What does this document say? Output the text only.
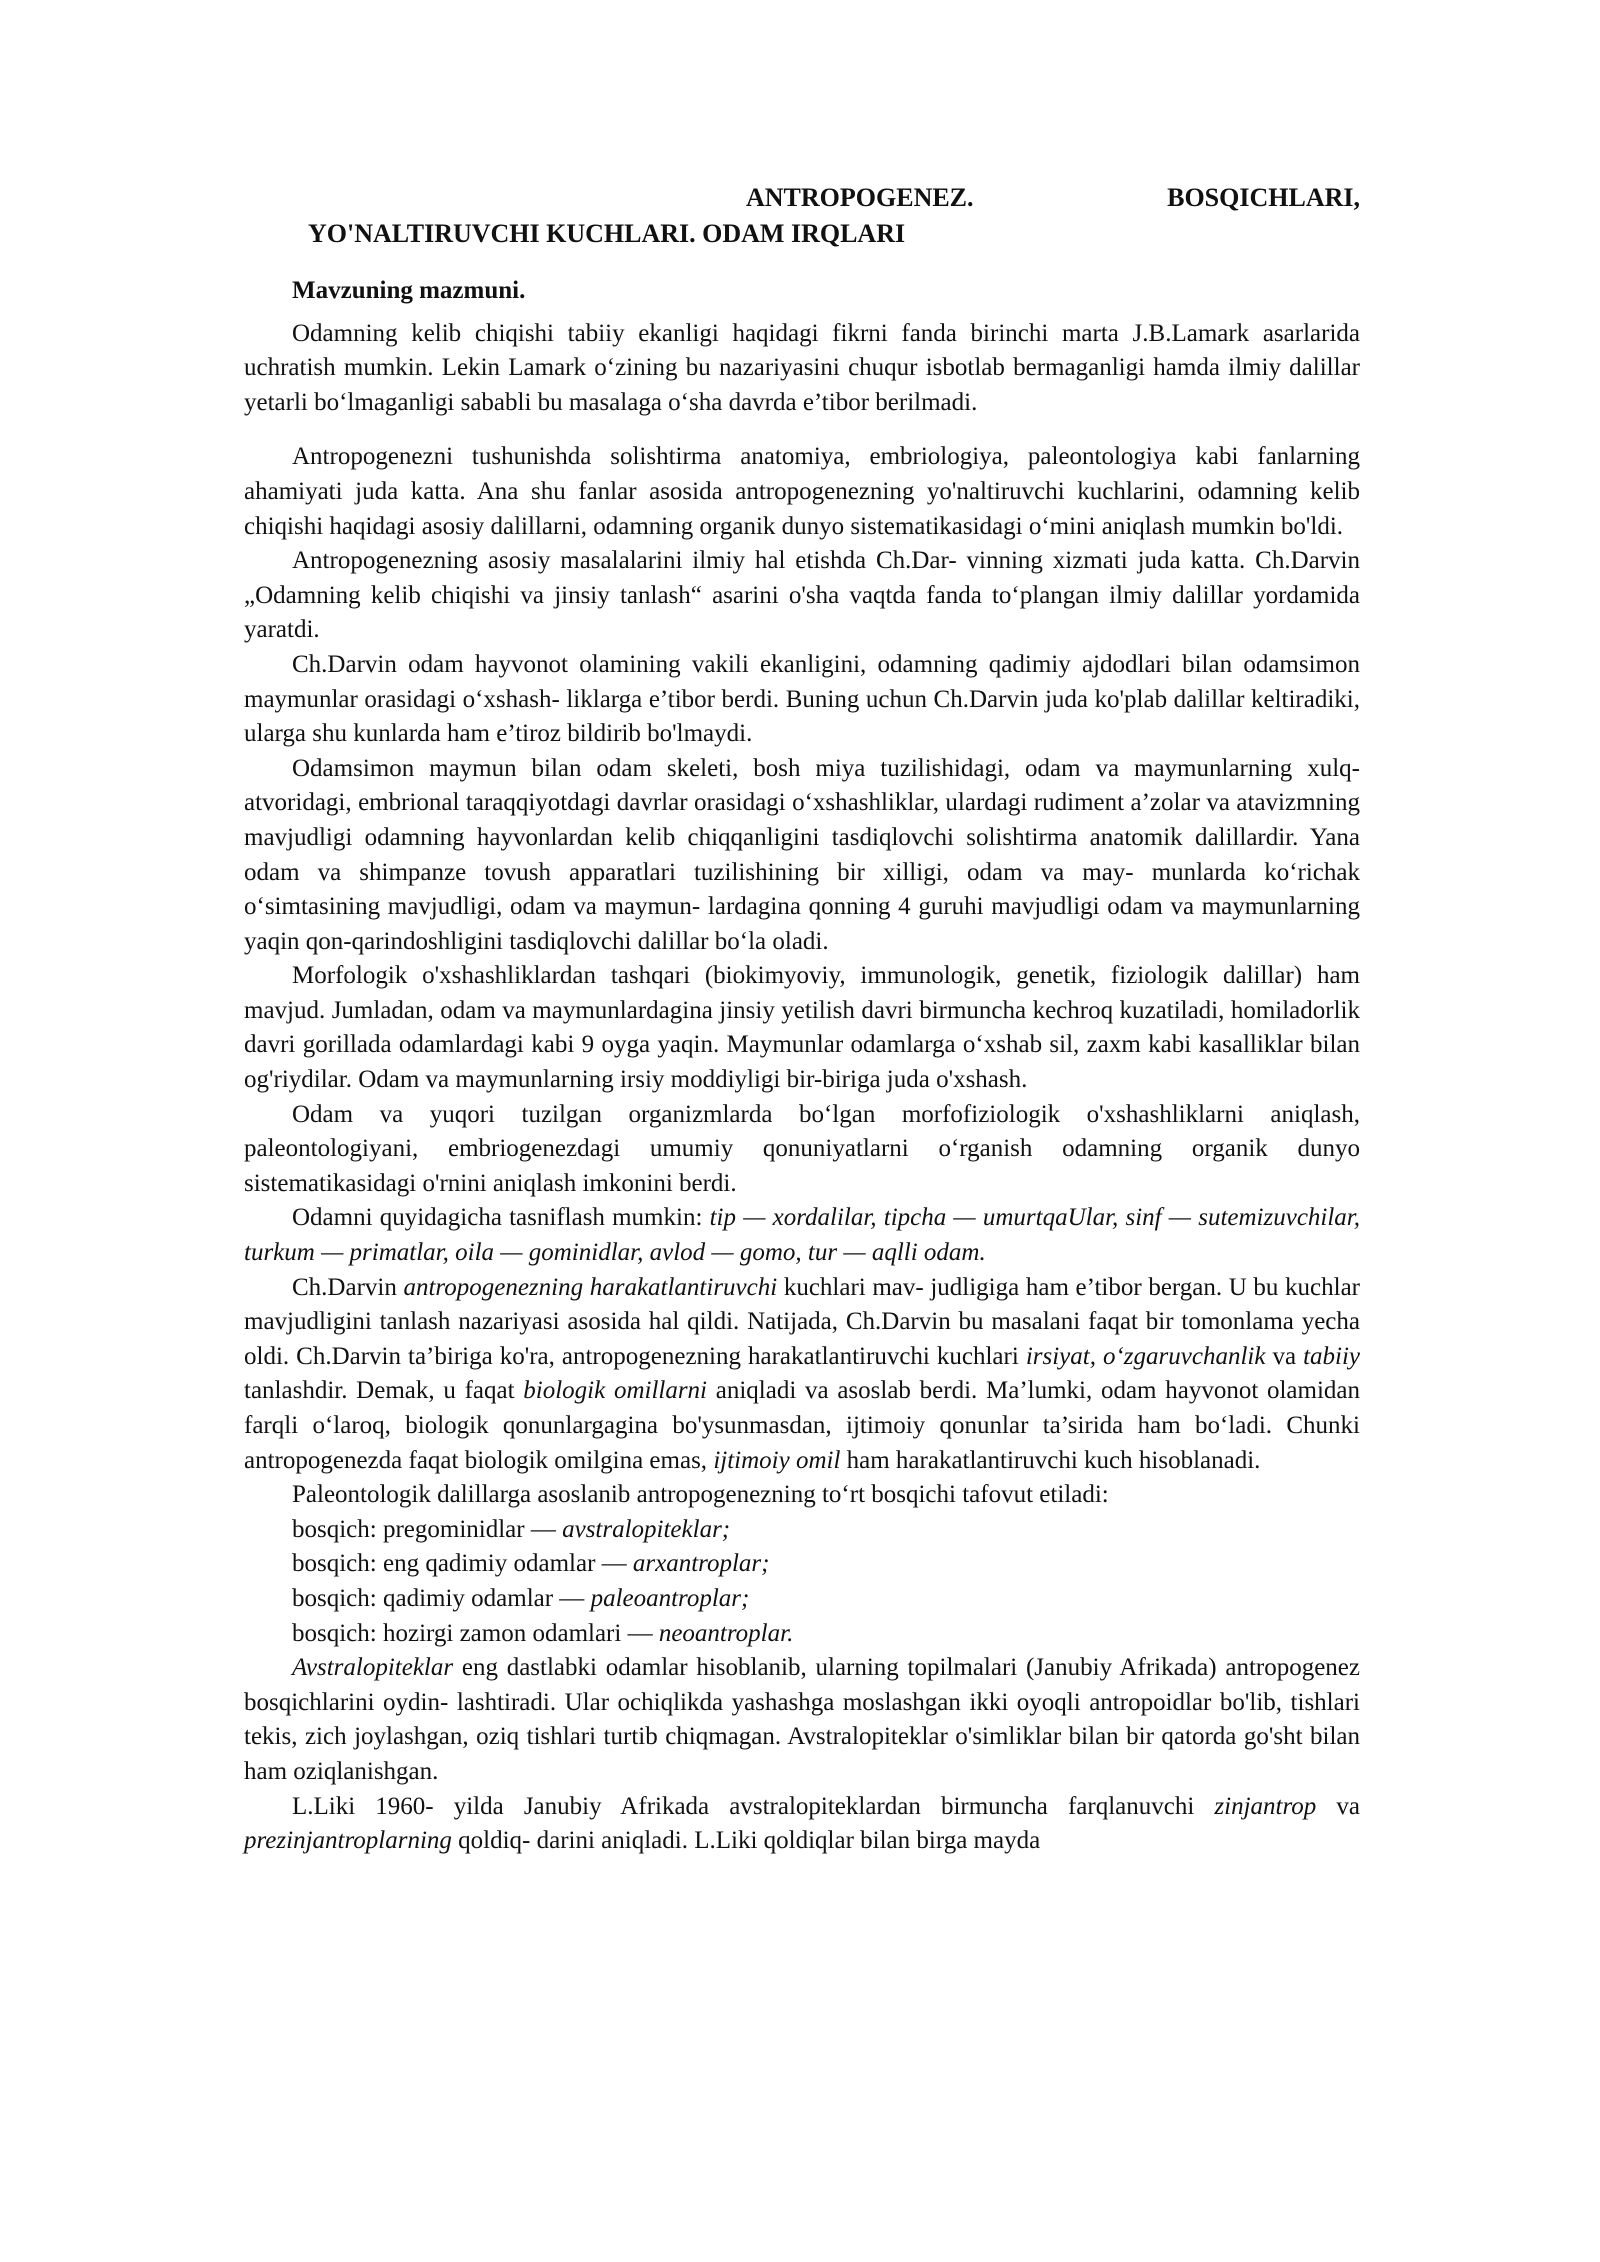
ANTROPOGENEZ.	BOSQICHLARI,
YO'NALTIRUVCHI KUCHLARI. ODAM IRQLARI
Mavzuning mazmuni.

Odamning kelib chiqishi tabiiy ekanligi haqidagi fikrni fanda birinchi marta J.B.Lamark asarlarida uchratish mumkin. Lekin Lamark o‘zining bu nazariyasini chuqur isbotlab bermaganligi hamda ilmiy dalillar yetarli bo‘lmaganligi sababli bu masalaga o‘sha davrda e’tibor berilmadi.

Antropogenezni tushunishda solishtirma anatomiya, embriologiya, paleontologiya kabi fanlarning ahamiyati juda katta. Ana shu fanlar asosida antropogenezning yo'naltiruvchi kuchlarini, odamning kelib chiqishi haqidagi asosiy dalillarni, odamning organik dunyo sistematikasidagi o‘mini aniqlash mumkin bo'ldi.

Antropogenezning asosiy masalalarini ilmiy hal etishda Ch.Dar- vinning xizmati juda katta. Ch.Darvin „Odamning kelib chiqishi va jinsiy tanlash“ asarini o'sha vaqtda fanda to‘plangan ilmiy dalillar yordamida yaratdi.

Ch.Darvin odam hayvonot olamining vakili ekanligini, odamning qadimiy ajdodlari bilan odamsimon maymunlar orasidagi o‘xshash- liklarga e’tibor berdi. Buning uchun Ch.Darvin juda ko'plab dalillar keltiradiki, ularga shu kunlarda ham e’tiroz bildirib bo'lmaydi.

Odamsimon maymun bilan odam skeleti, bosh miya tuzilishidagi, odam va maymunlarning xulq-atvoridagi, embrional taraqqiyotdagi davrlar orasidagi o‘xshashliklar, ulardagi rudiment a’zolar va atavizmning mavjudligi odamning hayvonlardan kelib chiqqanligini tasdiqlovchi solishtirma anatomik dalillardir. Yana odam va shimpanze tovush apparatlari tuzilishining bir xilligi, odam va may- munlarda ko‘richak o‘simtasining mavjudligi, odam va maymun- lardagina qonning 4 guruhi mavjudligi odam va maymunlarning yaqin qon-qarindoshligini tasdiqlovchi dalillar bo‘la oladi.

Morfologik o'xshashliklardan tashqari (biokimyoviy, immunologik, genetik, fiziologik dalillar) ham mavjud. Jumladan, odam va maymunlardagina jinsiy yetilish davri birmuncha kechroq kuzatiladi, homiladorlik davri gorillada odamlardagi kabi 9 oyga yaqin. Maymunlar odamlarga o‘xshab sil, zaxm kabi kasalliklar bilan og'riydilar. Odam va maymunlarning irsiy moddiyligi bir-biriga juda o'xshash.

Odam va yuqori tuzilgan organizmlarda bo‘lgan morfofiziologik o'xshashliklarni aniqlash, paleontologiyani, embriogenezdagi umumiy qonuniyatlarni o‘rganish odamning organik dunyo sistematikasidagi o'rnini aniqlash imkonini berdi.

Odamni quyidagicha tasniflash mumkin: tip — xordalilar, tipcha — umurtqaUlar, sinf — sutemizuvchilar, turkum — primatlar, oila — gominidlar, avlod — gomo, tur — aqlli odam.

Ch.Darvin antropogenezning harakatlantiruvchi kuchlari mav- judligiga ham e’tibor bergan. U bu kuchlar mavjudligini tanlash nazariyasi asosida hal qildi. Natijada, Ch.Darvin bu masalani faqat bir tomonlama yecha oldi. Ch.Darvin ta’biriga ko'ra, antropogenezning harakatlantiruvchi kuchlari irsiyat, o‘zgaruvchanlik va tabiiy tanlashdir. Demak, u faqat biologik omillarni aniqladi va asoslab berdi. Ma’lumki, odam hayvonot olamidan farqli o‘laroq, biologik qonunlargagina bo'ysunmasdan, ijtimoiy qonunlar ta’sirida ham bo‘ladi. Chunki antropogenezda faqat biologik omilgina emas, ijtimoiy omil ham harakatlantiruvchi kuch hisoblanadi.

Paleontologik dalillarga asoslanib antropogenezning to‘rt bosqichi tafovut etiladi:

bosqich: pregominidlar — avstralopiteklar;

bosqich: eng qadimiy odamlar — arxantroplar;

bosqich: qadimiy odamlar — paleoantroplar;

bosqich: hozirgi zamon odamlari — neoantroplar.

Avstralopiteklar eng dastlabki odamlar hisoblanib, ularning topilmalari (Janubiy Afrikada) antropogenez bosqichlarini oydin- lashtiradi. Ular ochiqlikda yashashga moslashgan ikki oyoqli antropoidlar bo'lib, tishlari tekis, zich joylashgan, oziq tishlari turtib chiqmagan. Avstralopiteklar o'simliklar bilan bir qatorda go'sht bilan ham oziqlanishgan.

L.Liki 1960- yilda Janubiy Afrikada avstralopiteklardan birmuncha farqlanuvchi zinjantrop va prezinjantroplarning qoldiq- darini aniqladi. L.Liki qoldiqlar bilan birga mayda
